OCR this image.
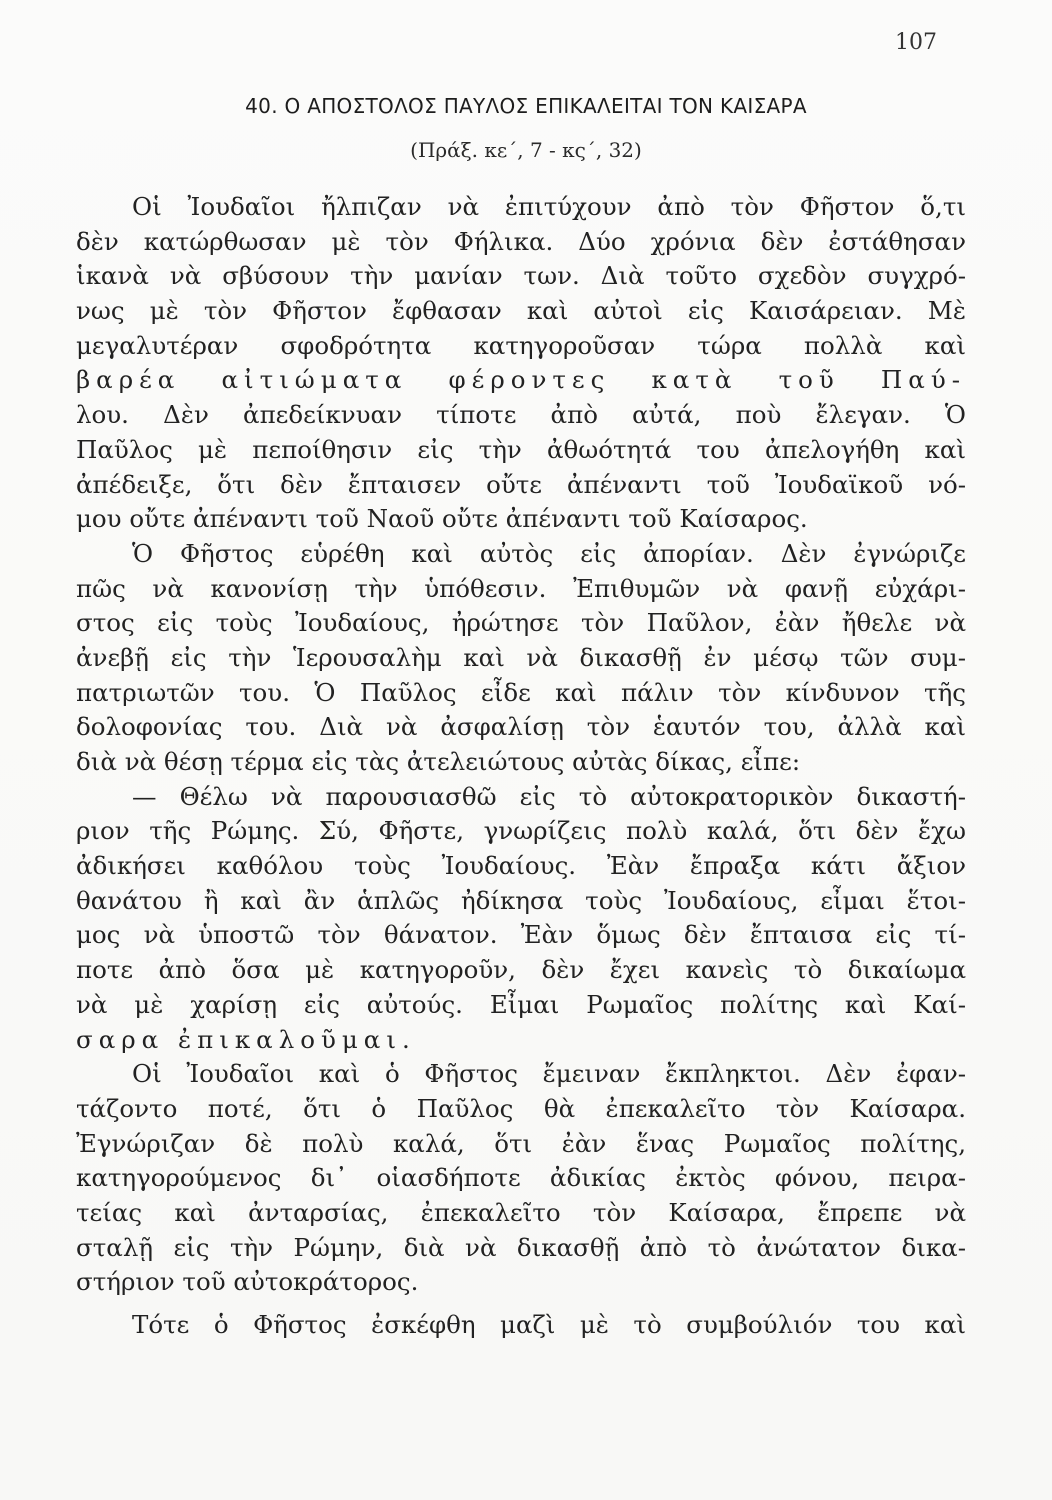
107
40. Ο ΑΠΟΣΤΟΛΟΣ ΠΑΥΛΟΣ ΕΠΙΚΑΛΕΙΤΑΙ ΤΟΝ ΚΑΙΣΑΡΑ
(Πράξ. κε΄, 7 - κς΄, 32)
Οἱ Ἰουδαῖοι ἤλπιζαν νὰ ἐπιτύχουν ἀπὸ τὸν Φῆστον ὅ,τι
δὲν κατώρθωσαν μὲ τὸν Φήλικα. Δύο χρόνια δὲν ἐστάθησαν
ἱκανὰ νὰ σβύσουν τὴν μανίαν των. Διὰ τοῦτο σχεδὸν συγχρό-
νως μὲ τὸν Φῆστον ἔφθασαν καὶ αὐτοὶ εἰς Καισάρειαν. Μὲ
μεγαλυτέραν σφοδρότητα κατηγοροῦσαν τώρα πολλὰ καὶ
βαρέα αἰτιώματα φέροντες κατὰ τοῦ Παύ-
λου. Δὲν ἀπεδείκνυαν τίποτε ἀπὸ αὐτά, ποὺ ἔλεγαν. Ὁ
Παῦλος μὲ πεποίθησιν εἰς τὴν ἀθωότητά του ἀπελογήθη καὶ
ἀπέδειξε, ὅτι δὲν ἔπταισεν οὔτε ἀπέναντι τοῦ Ἰουδαϊκοῦ νό-
μου οὔτε ἀπέναντι τοῦ Ναοῦ οὔτε ἀπέναντι τοῦ Καίσαρος.
Ὁ Φῆστος εὑρέθη καὶ αὐτὸς εἰς ἀπορίαν. Δὲν ἐγνώριζε
πῶς νὰ κανονίσῃ τὴν ὑπόθεσιν. Ἐπιθυμῶν νὰ φανῇ εὐχάρι-
στος εἰς τοὺς Ἰουδαίους, ἠρώτησε τὸν Παῦλον, ἐὰν ἤθελε νὰ
ἀνεβῇ εἰς τὴν Ἱερουσαλὴμ καὶ νὰ δικασθῇ ἐν μέσῳ τῶν συμ-
πατριωτῶν του. Ὁ Παῦλος εἶδε καὶ πάλιν τὸν κίνδυνον τῆς
δολοφονίας του. Διὰ νὰ ἀσφαλίσῃ τὸν ἑαυτόν του, ἀλλὰ καὶ
διὰ νὰ θέσῃ τέρμα εἰς τὰς ἀτελειώτους αὐτὰς δίκας, εἶπε:
— Θέλω νὰ παρουσιασθῶ εἰς τὸ αὐτοκρατορικὸν δικαστή-
ριον τῆς Ρώμης. Σύ, Φῆστε, γνωρίζεις πολὺ καλά, ὅτι δὲν ἔχω
ἀδικήσει καθόλου τοὺς Ἰουδαίους. Ἐὰν ἔπραξα κάτι ἄξιον
θανάτου ἢ καὶ ἂν ἁπλῶς ἠδίκησα τοὺς Ἰουδαίους, εἶμαι ἕτοι-
μος νὰ ὑποστῶ τὸν θάνατον. Ἐὰν ὅμως δὲν ἔπταισα εἰς τί-
ποτε ἀπὸ ὅσα μὲ κατηγοροῦν, δὲν ἔχει κανεὶς τὸ δικαίωμα
νὰ μὲ χαρίσῃ εἰς αὐτούς. Εἶμαι Ρωμαῖος πολίτης καὶ Καί-
σαρα ἐπικαλοῦμαι.
Οἱ Ἰουδαῖοι καὶ ὁ Φῆστος ἔμειναν ἔκπληκτοι. Δὲν ἐφαν-
τάζοντο ποτέ, ὅτι ὁ Παῦλος θὰ ἐπεκαλεῖτο τὸν Καίσαρα.
Ἐγνώριζαν δὲ πολὺ καλά, ὅτι ἐὰν ἕνας Ρωμαῖος πολίτης,
κατηγορούμενος δι᾿ οἱασδήποτε ἀδικίας ἐκτὸς φόνου, πειρα-
τείας καὶ ἀνταρσίας, ἐπεκαλεῖτο τὸν Καίσαρα, ἔπρεπε νὰ
σταλῇ εἰς τὴν Ρώμην, διὰ νὰ δικασθῇ ἀπὸ τὸ ἀνώτατον δικα-
στήριον τοῦ αὐτοκράτορος.
Τότε ὁ Φῆστος ἐσκέφθη μαζὶ μὲ τὸ συμβούλιόν του καὶ
